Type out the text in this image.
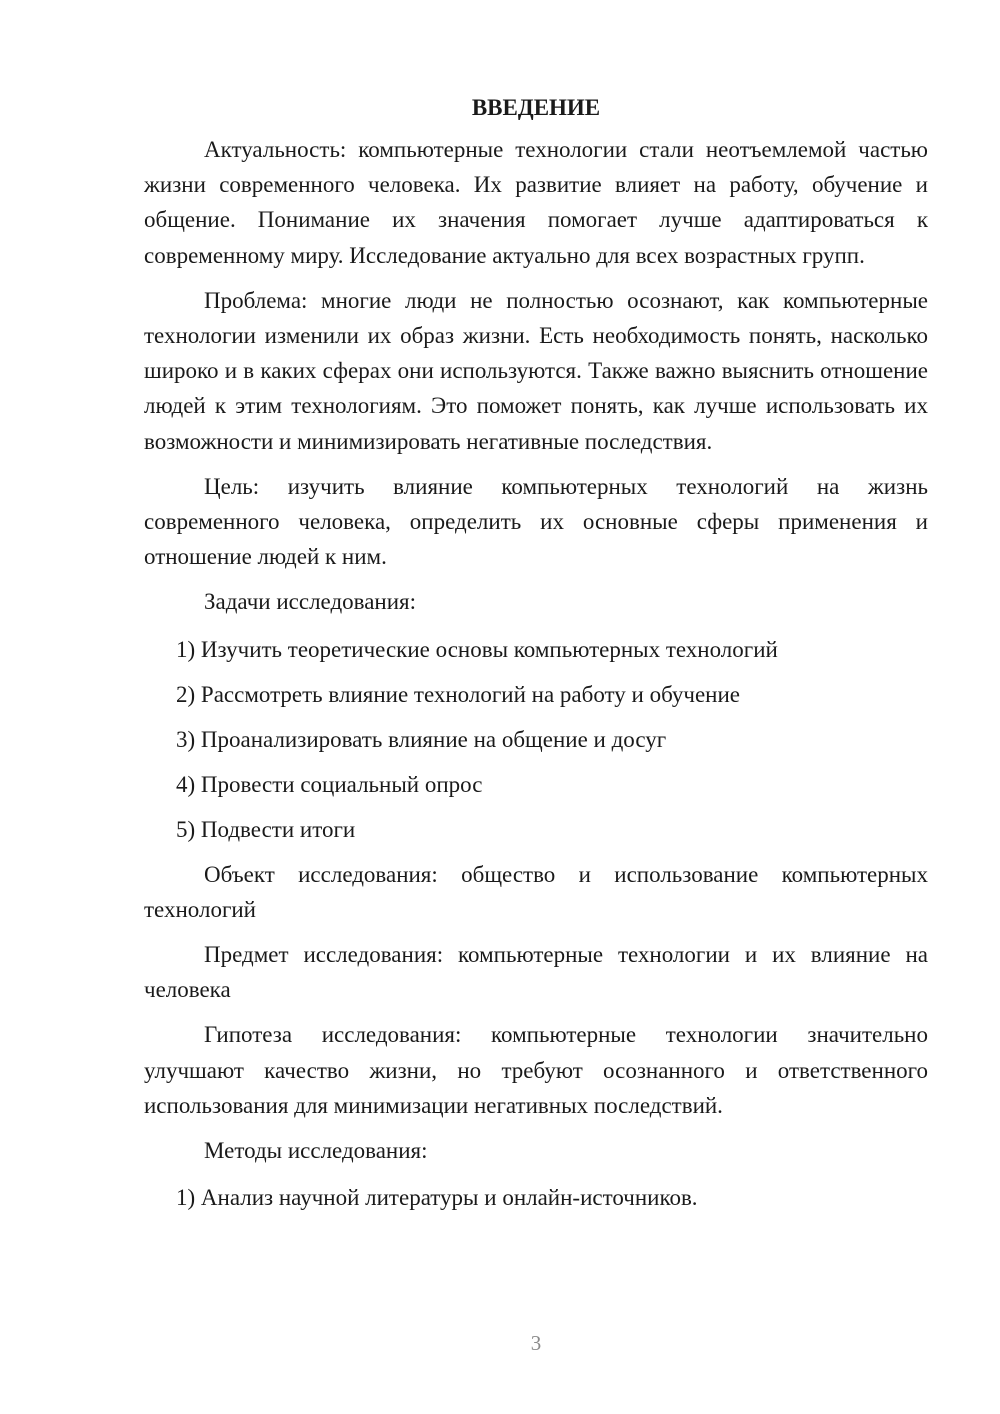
ВВЕДЕНИЕ

Актуальность: компьютерные технологии стали неотъемлемой частью жизни современного человека. Их развитие влияет на работу, обучение и общение. Понимание их значения помогает лучше адаптироваться к современному миру. Исследование актуально для всех возрастных групп.

Проблема: многие люди не полностью осознают, как компьютерные технологии изменили их образ жизни. Есть необходимость понять, насколько широко и в каких сферах они используются. Также важно выяснить отношение людей к этим технологиям. Это поможет понять, как лучше использовать их возможности и минимизировать негативные последствия.

Цель: изучить влияние компьютерных технологий на жизнь современного человека, определить их основные сферы применения и отношение людей к ним.

Задачи исследования:

1) Изучить теоретические основы компьютерных технологий
2) Рассмотреть влияние технологий на работу и обучение
3) Проанализировать влияние на общение и досуг
4) Провести социальный опрос
5) Подвести итоги

Объект исследования: общество и использование компьютерных технологий

Предмет исследования: компьютерные технологии и их влияние на человека

Гипотеза исследования: компьютерные технологии значительно улучшают качество жизни, но требуют осознанного и ответственного использования для минимизации негативных последствий.

Методы исследования:

1) Анализ научной литературы и онлайн-источников.
3
